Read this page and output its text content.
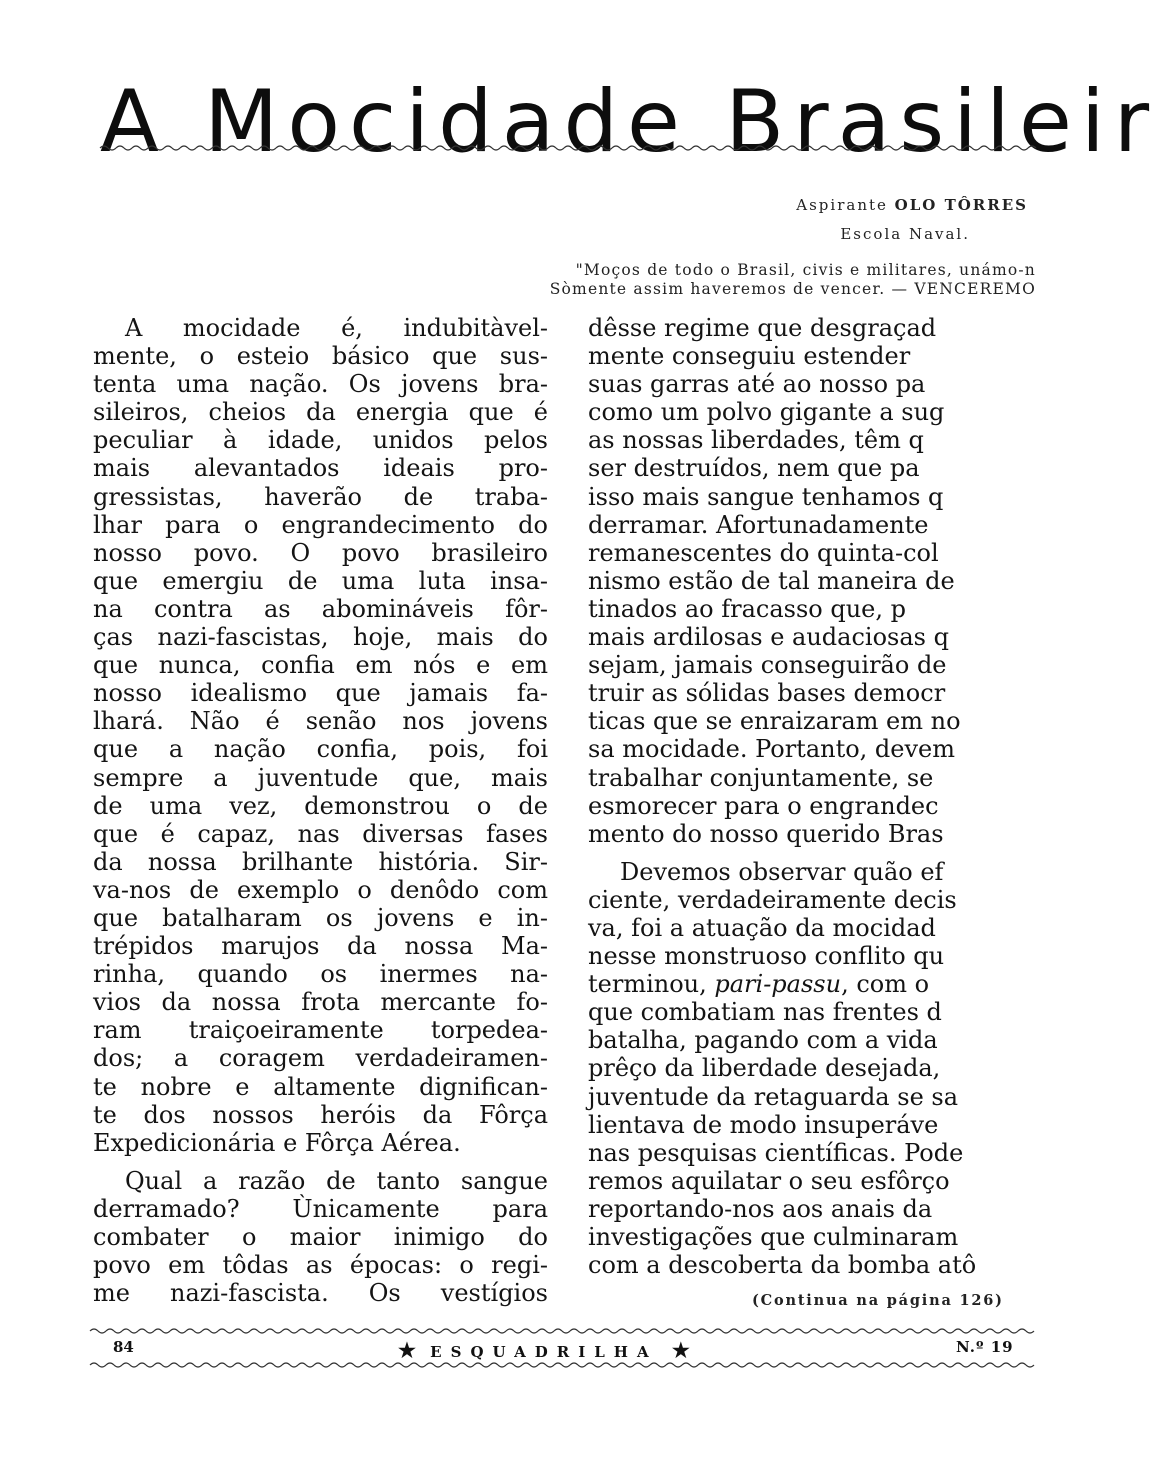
A Mocidade Brasileir
Aspirante OLO TÔRRES
Escola Naval.
"Moços de todo o Brasil, civis e militares, unámo-n
Sòmente assim haveremos de vencer. — VENCEREMO

A mocidade é, indubitàvel-
mente, o esteio básico que sus-
tenta uma nação. Os jovens bra-
sileiros, cheios da energia que é
peculiar à idade, unidos pelos
mais alevantados ideais pro-
gressistas, haverão de traba-
lhar para o engrandecimento do
nosso povo. O povo brasileiro
que emergiu de uma luta insa-
na contra as abomináveis fôr-
ças nazi-fascistas, hoje, mais do
que nunca, confia em nós e em
nosso idealismo que jamais fa-
lhará. Não é senão nos jovens
que a nação confia, pois, foi
sempre a juventude que, mais
de uma vez, demonstrou o de
que é capaz, nas diversas fases
da nossa brilhante história. Sir-
va-nos de exemplo o denôdo com
que batalharam os jovens e in-
trépidos marujos da nossa Ma-
rinha, quando os inermes na-
vios da nossa frota mercante fo-
ram traiçoeiramente torpedea-
dos; a coragem verdadeiramen-
te nobre e altamente dignifican-
te dos nossos heróis da Fôrça
Expedicionária e Fôrça Aérea.

Qual a razão de tanto sangue
derramado? Ùnicamente para
combater o maior inimigo do
povo em tôdas as épocas: o regi-
me nazi-fascista. Os vestígios

dêsse regime que desgraçad
mente conseguiu estender
suas garras até ao nosso pa
como um polvo gigante a sug
as nossas liberdades, têm q
ser destruídos, nem que pa
isso mais sangue tenhamos q
derramar. Afortunadamente
remanescentes do quinta-col
nismo estão de tal maneira de
tinados ao fracasso que, p
mais ardilosas e audaciosas q
sejam, jamais conseguirão de
truir as sólidas bases democr
ticas que se enraizaram em no
sa mocidade. Portanto, devem
trabalhar conjuntamente, se
esmorecer para o engrandec
mento do nosso querido Bras

Devemos observar quão ef
ciente, verdadeiramente decis
va, foi a atuação da mocidad
nesse monstruoso conflito qu
terminou, pari-passu, com o
que combatiam nas frentes d
batalha, pagando com a vida
prêço da liberdade desejada,
juventude da retaguarda se sa
lientava de modo insuperáve
nas pesquisas científicas. Pode
remos aquilatar o seu esfôrço
reportando-nos aos anais da
investigações que culminaram
com a descoberta da bomba atô

(Continua na página 126)
84	★ ESQUADRILHA ★	N.º 19
